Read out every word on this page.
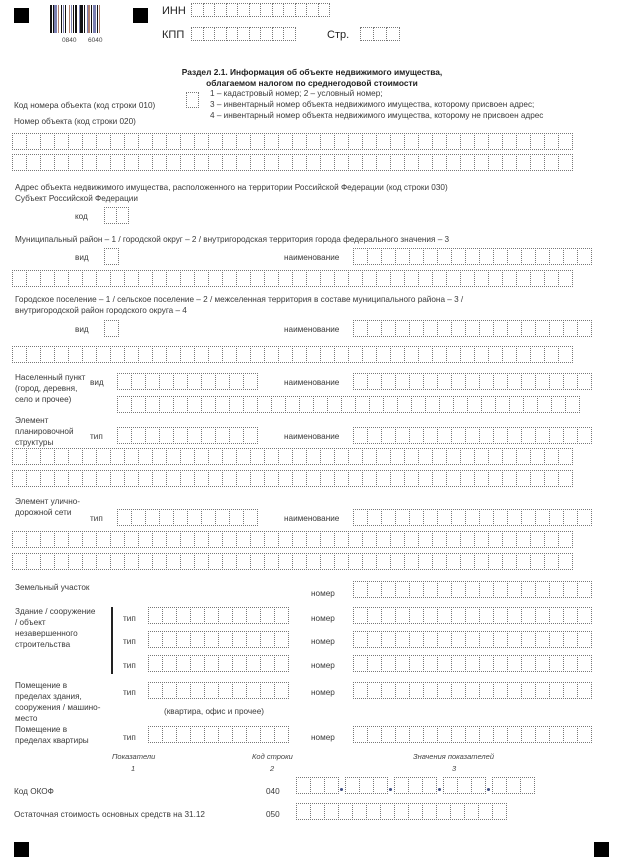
0840 6040
ИНН
КПП	Стр.
Раздел 2.1. Информация об объекте недвижимого имущества,
облагаемом налогом по среднегодовой стоимости
Код номера объекта (код строки 010)
1 – кадастровый номер; 2 – условный номер;
3 – инвентарный номер объекта недвижимого имущества, которому присвоен адрес;
4 – инвентарный номер объекта недвижимого имущества, которому не присвоен адрес
Номер объекта (код строки 020)
Адрес объекта недвижимого имущества, расположенного на территории Российской Федерации (код строки 030)
Субъект Российской Федерации
код
Муниципальный район – 1 / городской округ – 2 / внутригородская территория города федерального значения – 3
вид	наименование
Городское поселение – 1 / сельское поселение – 2 / межселенная территория в составе муниципального района – 3 /
внутригородской район городского округа – 4
вид	наименование
Населенный пункт (город, деревня, село и прочее)
вид	наименование
Элемент планировочной структуры
тип	наименование
Элемент улично-дорожной сети
тип	наименование
Земельный участок
номер
Здание / сооружение / объект незавершенного строительства
тип	номер
тип	номер
тип	номер
Помещение в пределах здания, сооружения / машино-место
тип	номер
(квартира, офис и прочее)
Помещение в пределах квартиры	тип	номер
Показатели	Код строки	Значения показателей
1	2	3
Код ОКОФ	040
Остаточная стоимость основных средств на 31.12	050
